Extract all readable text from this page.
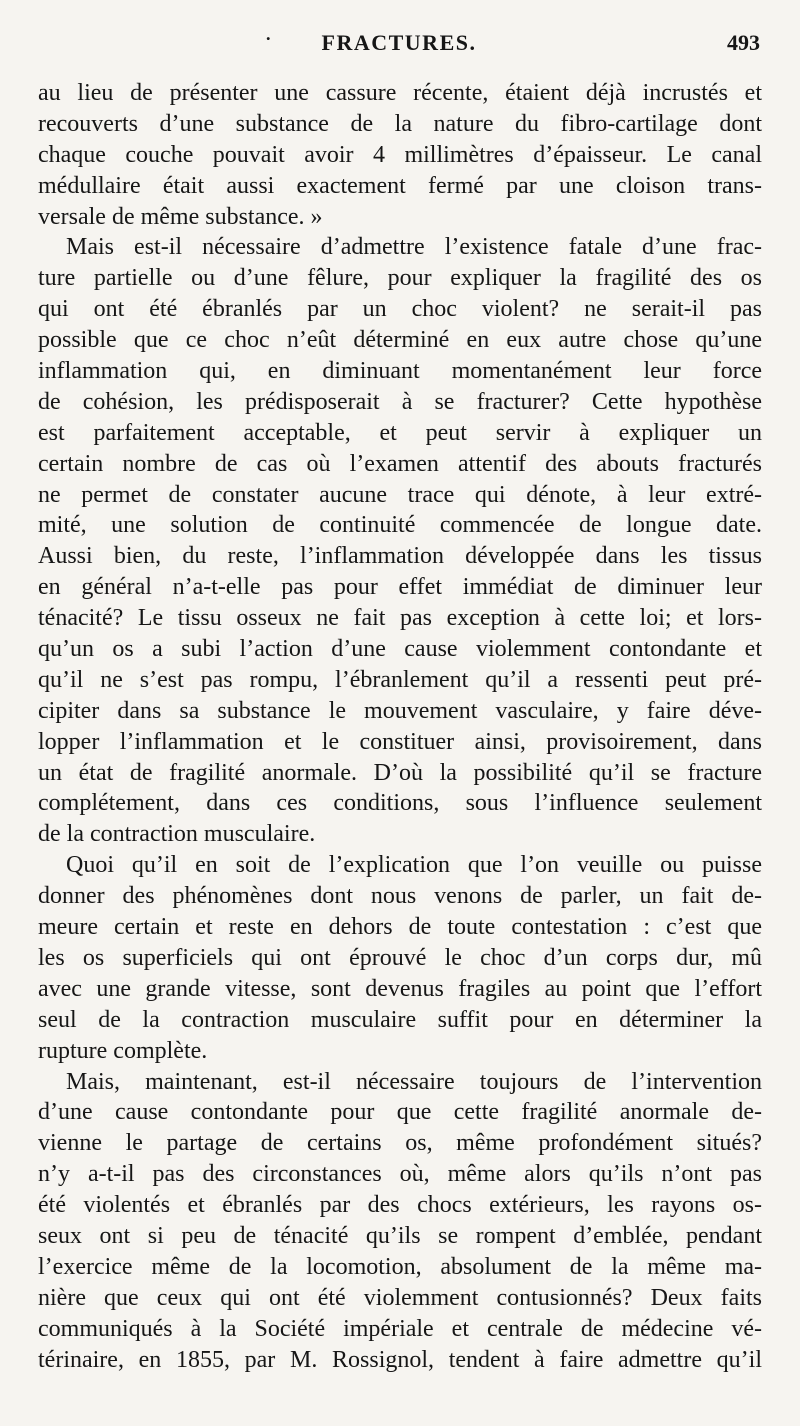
.	FRACTURES.	493
au lieu de présenter une cassure récente, étaient déjà incrustés et
recouverts d’une substance de la nature du fibro-cartilage dont
chaque couche pouvait avoir 4 millimètres d’épaisseur. Le canal
médullaire était aussi exactement fermé par une cloison trans-
versale de même substance. »
Mais est-il nécessaire d’admettre l’existence fatale d’une frac-
ture partielle ou d’une fêlure, pour expliquer la fragilité des os
qui ont été ébranlés par un choc violent? ne serait-il pas
possible que ce choc n’eût déterminé en eux autre chose qu’une
inflammation qui, en diminuant momentanément leur force
de cohésion, les prédisposerait à se fracturer? Cette hypothèse
est parfaitement acceptable, et peut servir à expliquer un
certain nombre de cas où l’examen attentif des abouts fracturés
ne permet de constater aucune trace qui dénote, à leur extré-
mité, une solution de continuité commencée de longue date.
Aussi bien, du reste, l’inflammation développée dans les tissus
en général n’a-t-elle pas pour effet immédiat de diminuer leur
ténacité? Le tissu osseux ne fait pas exception à cette loi; et lors-
qu’un os a subi l’action d’une cause violemment contondante et
qu’il ne s’est pas rompu, l’ébranlement qu’il a ressenti peut pré-
cipiter dans sa substance le mouvement vasculaire, y faire déve-
lopper l’inflammation et le constituer ainsi, provisoirement, dans
un état de fragilité anormale. D’où la possibilité qu’il se fracture
complétement, dans ces conditions, sous l’influence seulement
de la contraction musculaire.
Quoi qu’il en soit de l’explication que l’on veuille ou puisse
donner des phénomènes dont nous venons de parler, un fait de-
meure certain et reste en dehors de toute contestation : c’est que
les os superficiels qui ont éprouvé le choc d’un corps dur, mû
avec une grande vitesse, sont devenus fragiles au point que l’effort
seul de la contraction musculaire suffit pour en déterminer la
rupture complète.
Mais, maintenant, est-il nécessaire toujours de l’intervention
d’une cause contondante pour que cette fragilité anormale de-
vienne le partage de certains os, même profondément situés?
n’y a-t-il pas des circonstances où, même alors qu’ils n’ont pas
été violentés et ébranlés par des chocs extérieurs, les rayons os-
seux ont si peu de ténacité qu’ils se rompent d’emblée, pendant
l’exercice même de la locomotion, absolument de la même ma-
nière que ceux qui ont été violemment contusionnés? Deux faits
communiqués à la Société impériale et centrale de médecine vé-
térinaire, en 1855, par M. Rossignol, tendent à faire admettre qu’il
